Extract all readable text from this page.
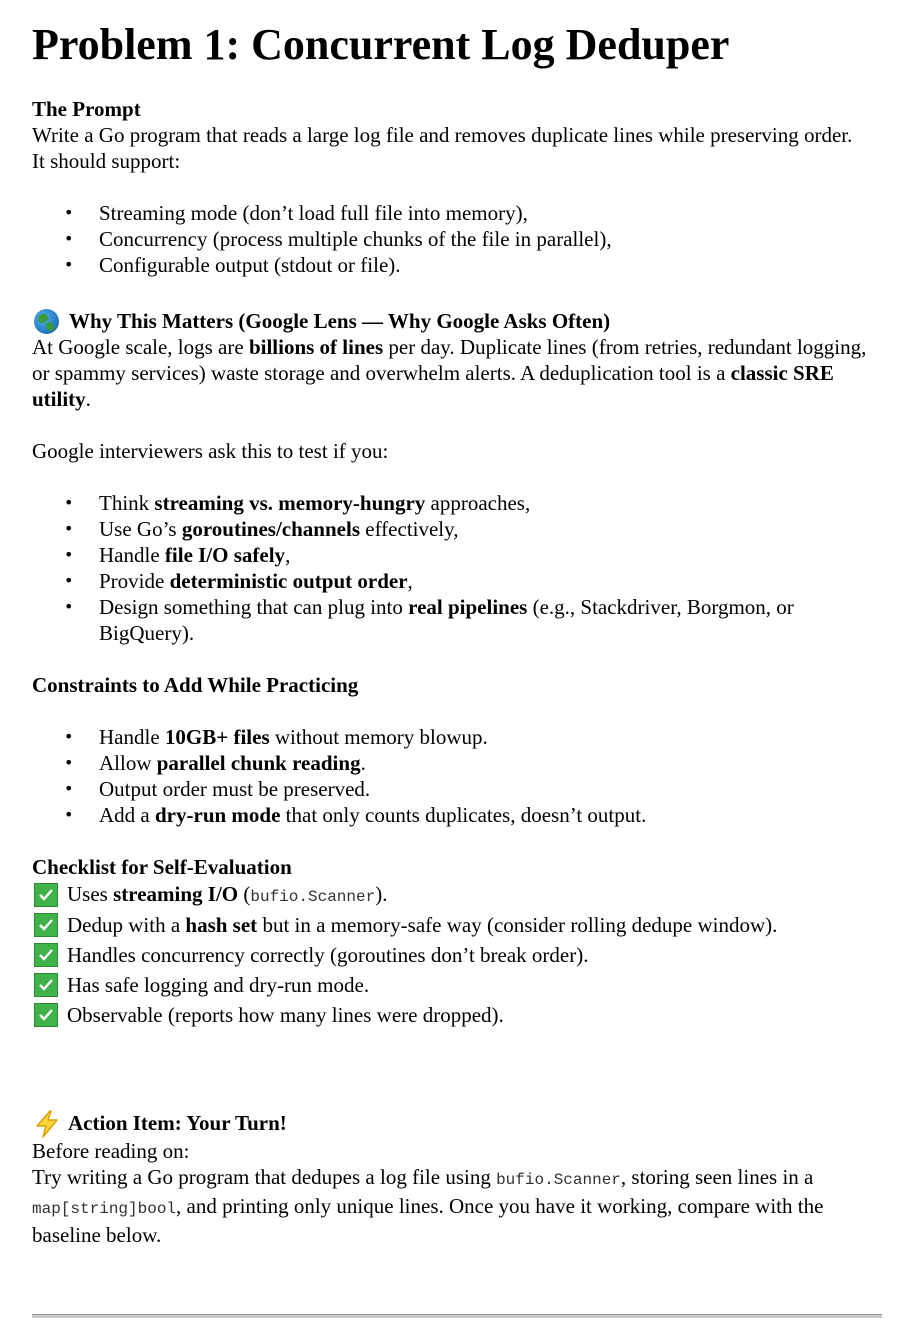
Problem 1: Concurrent Log Deduper
The Prompt

Write a Go program that reads a large log file and removes duplicate lines while preserving order.

It should support:

• Streaming mode (don’t load full file into memory),
• Concurrency (process multiple chunks of the file in parallel),
• Configurable output (stdout or file).
Why This Matters (Google Lens — Why Google Asks Often)

At Google scale, logs are billions of lines per day. Duplicate lines (from retries, redundant logging, or spammy services) waste storage and overwhelm alerts. A deduplication tool is a classic SRE utility.

Google interviewers ask this to test if you:

• Think streaming vs. memory-hungry approaches,
• Use Go’s goroutines/channels effectively,
• Handle file I/O safely,
• Provide deterministic output order,
• Design something that can plug into real pipelines (e.g., Stackdriver, Borgmon, or BigQuery).
Constraints to Add While Practicing
• Handle 10GB+ files without memory blowup.
• Allow parallel chunk reading.
• Output order must be preserved.
• Add a dry-run mode that only counts duplicates, doesn’t output.
Checklist for Self-Evaluation
Uses streaming I/O (bufio.Scanner).
Dedup with a hash set but in a memory-safe way (consider rolling dedupe window).
Handles concurrency correctly (goroutines don’t break order).
Has safe logging and dry-run mode.
Observable (reports how many lines were dropped).
Action Item: Your Turn!

Before reading on:

Try writing a Go program that dedupes a log file using bufio.Scanner, storing seen lines in a map[string]bool, and printing only unique lines. Once you have it working, compare with the baseline below.
